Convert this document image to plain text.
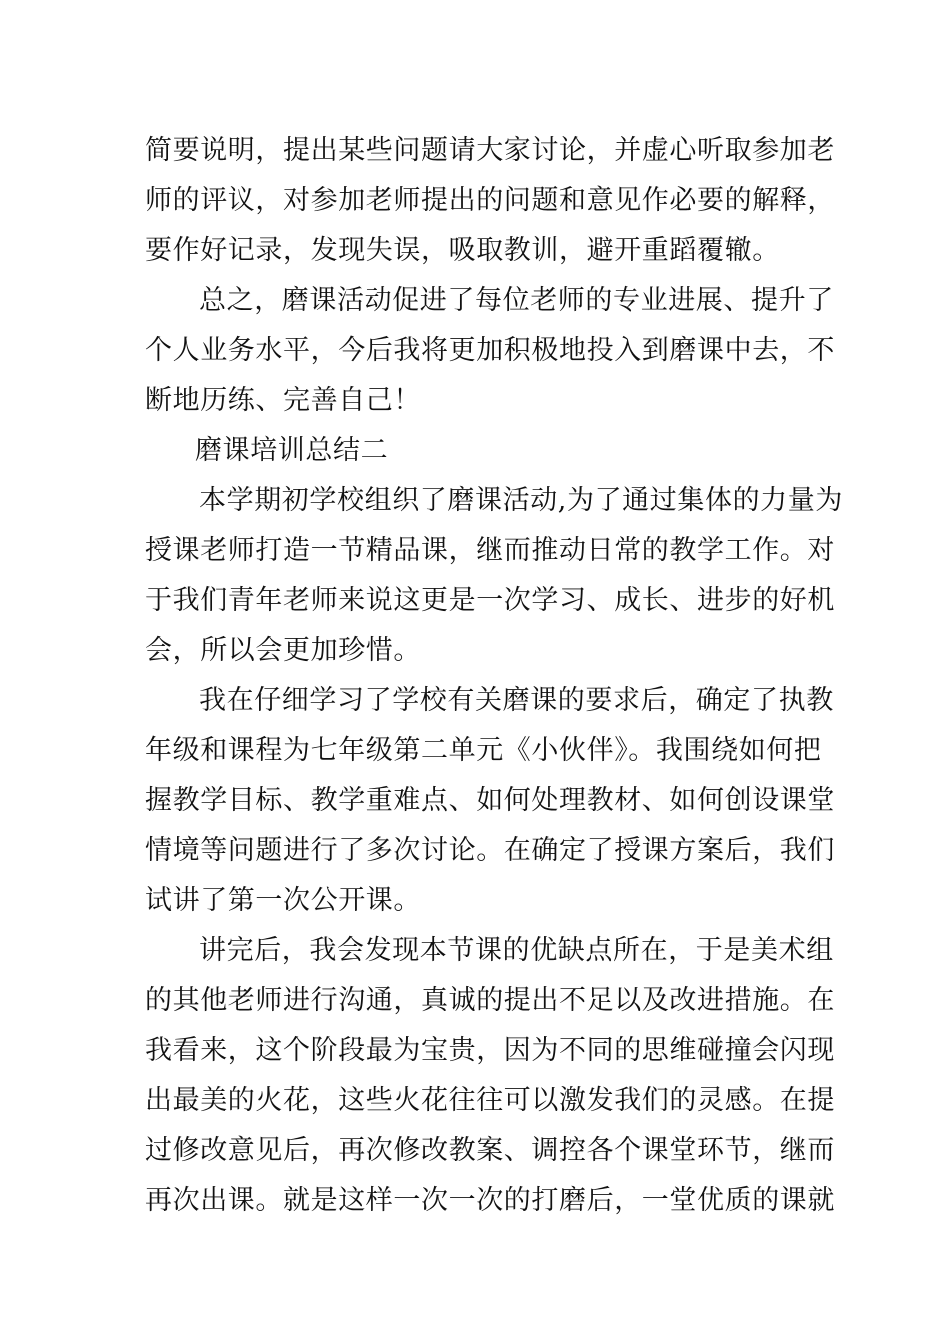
简要说明，提出某些问题请大家讨论，并虚心听取参加老
师的评议，对参加老师提出的问题和意见作必要的解释，
要作好记录，发现失误，吸取教训，避开重蹈覆辙。
总之，磨课活动促进了每位老师的专业进展、提升了
个人业务水平，今后我将更加积极地投入到磨课中去，不
断地历练、完善自己！
磨课培训总结二
本学期初学校组织了磨课活动,为了通过集体的力量为
授课老师打造一节精品课，继而推动日常的教学工作。对
于我们青年老师来说这更是一次学习、成长、进步的好机
会，所以会更加珍惜。
我在仔细学习了学校有关磨课的要求后，确定了执教
年级和课程为七年级第二单元《小伙伴》。我围绕如何把
握教学目标、教学重难点、如何处理教材、如何创设课堂
情境等问题进行了多次讨论。在确定了授课方案后，我们
试讲了第一次公开课。
讲完后，我会发现本节课的优缺点所在，于是美术组
的其他老师进行沟通，真诚的提出不足以及改进措施。在
我看来，这个阶段最为宝贵，因为不同的思维碰撞会闪现
出最美的火花，这些火花往往可以激发我们的灵感。在提
过修改意见后，再次修改教案、调控各个课堂环节，继而
再次出课。就是这样一次一次的打磨后，一堂优质的课就
